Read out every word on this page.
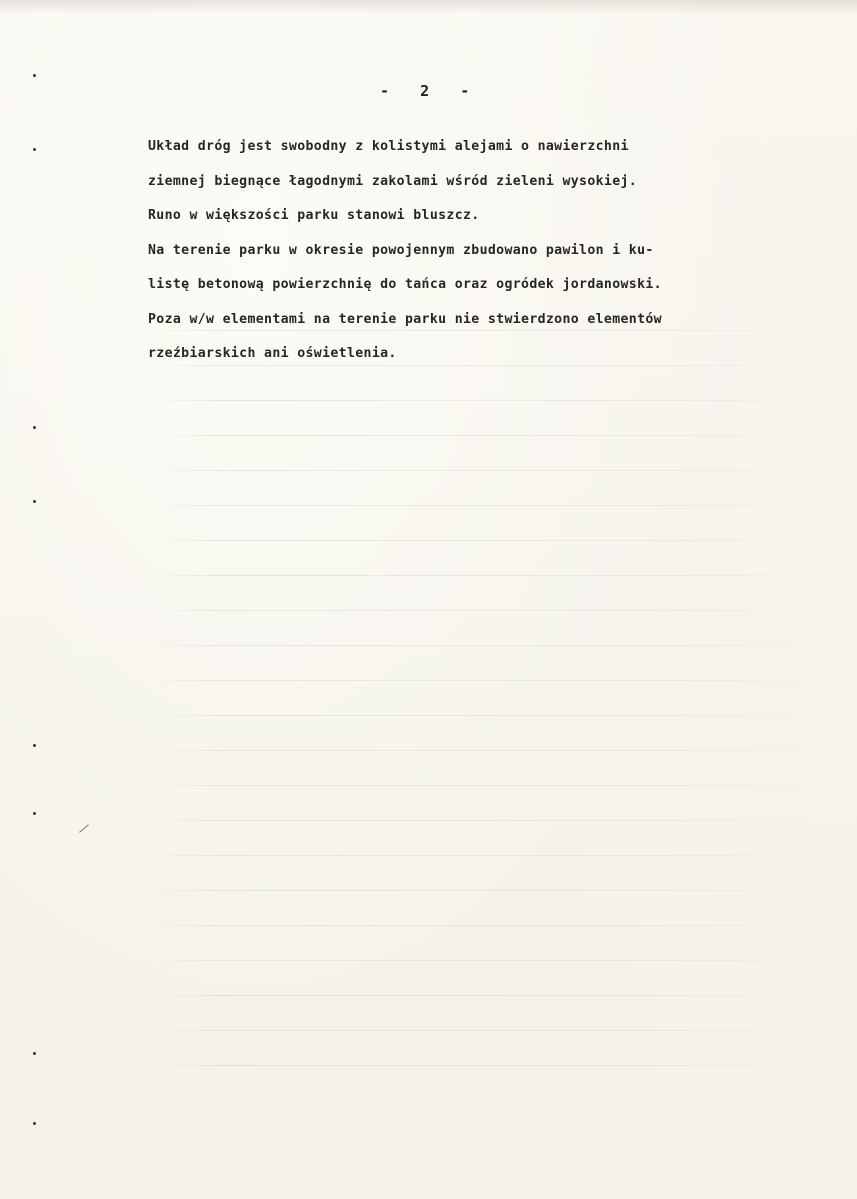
-   2   -
Układ dróg jest swobodny z kolistymi alejami o nawierzchni
ziemnej biegnące łagodnymi zakolami wśród zieleni wysokiej.
Runo w większości parku stanowi bluszcz.
Na terenie parku w okresie powojennym zbudowano pawilon i ku-
listę betonową powierzchnię do tańca oraz ogródek jordanowski.
Poza w/w elementami na terenie parku nie stwierdzono elementów
rzeźbiarskich ani oświetlenia.
